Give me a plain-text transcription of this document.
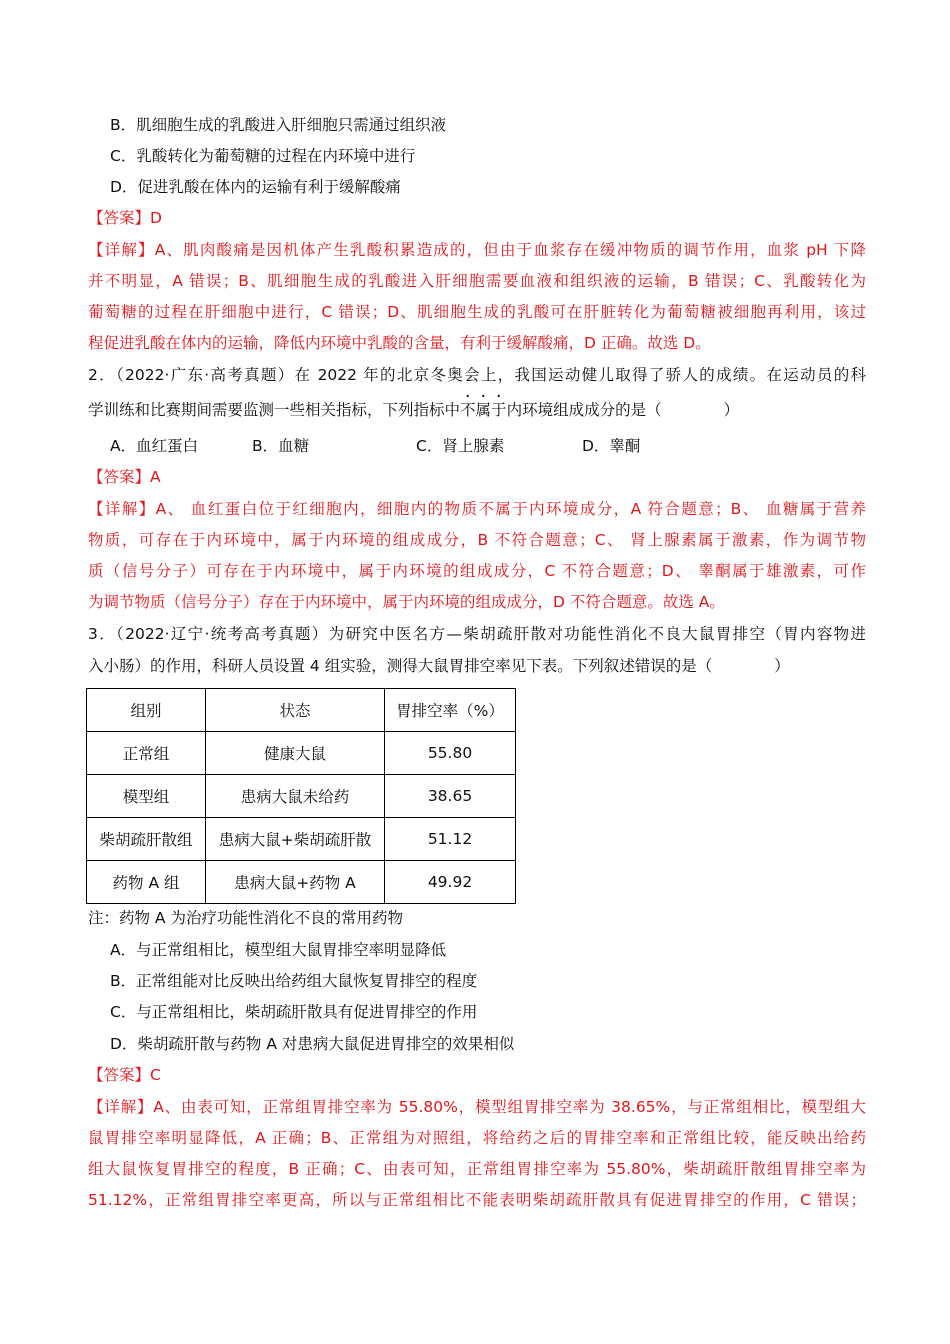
B．肌细胞生成的乳酸进入肝细胞只需通过组织液
C．乳酸转化为葡萄糖的过程在内环境中进行
D．促进乳酸在体内的运输有利于缓解酸痛
【答案】D
【详解】A、肌肉酸痛是因机体产生乳酸积累造成的，但由于血浆存在缓冲物质的调节作用，血浆 pH 下降
并不明显，A 错误；B、肌细胞生成的乳酸进入肝细胞需要血液和组织液的运输，B 错误；C、乳酸转化为
葡萄糖的过程在肝细胞中进行，C 错误；D、肌细胞生成的乳酸可在肝脏转化为葡萄糖被细胞再利用，该过
程促进乳酸在体内的运输，降低内环境中乳酸的含量，有利于缓解酸痛，D 正确。故选 D。
2．（2022·广东·高考真题）在 2022 年的北京冬奥会上，我国运动健儿取得了骄人的成绩。在运动员的科
学训练和比赛期间需要监测一些相关指标，下列指标中不属于内环境组成成分的是（　　　　）
A．血红蛋白	B．血糖	C．肾上腺素	D．睾酮
【答案】A
【详解】A、 血红蛋白位于红细胞内，细胞内的物质不属于内环境成分，A 符合题意；B、 血糖属于营养
物质，可存在于内环境中，属于内环境的组成成分，B 不符合题意；C、 肾上腺素属于激素，作为调节物
质（信号分子）可存在于内环境中，属于内环境的组成成分，C 不符合题意；D、 睾酮属于雄激素，可作
为调节物质（信号分子）存在于内环境中，属于内环境的组成成分，D 不符合题意。故选 A。
3．（2022·辽宁·统考高考真题）为研究中医名方—柴胡疏肝散对功能性消化不良大鼠胃排空（胃内容物进
入小肠）的作用，科研人员设置 4 组实验，测得大鼠胃排空率见下表。下列叙述错误的是（　　　　）
组别	状态	胃排空率（%）
正常组	健康大鼠	55.80
模型组	患病大鼠未给药	38.65
柴胡疏肝散组	患病大鼠+柴胡疏肝散	51.12
药物 A 组	患病大鼠+药物 A	49.92
注：药物 A 为治疗功能性消化不良的常用药物
A．与正常组相比，模型组大鼠胃排空率明显降低
B．正常组能对比反映出给药组大鼠恢复胃排空的程度
C．与正常组相比，柴胡疏肝散具有促进胃排空的作用
D．柴胡疏肝散与药物 A 对患病大鼠促进胃排空的效果相似
【答案】C
【详解】A、由表可知，正常组胃排空率为 55.80%，模型组胃排空率为 38.65%，与正常组相比，模型组大
鼠胃排空率明显降低，A 正确；B、正常组为对照组，将给药之后的胃排空率和正常组比较，能反映出给药
组大鼠恢复胃排空的程度，B 正确；C、由表可知，正常组胃排空率为 55.80%，柴胡疏肝散组胃排空率为
51.12%，正常组胃排空率更高，所以与正常组相比不能表明柴胡疏肝散具有促进胃排空的作用，C 错误；
